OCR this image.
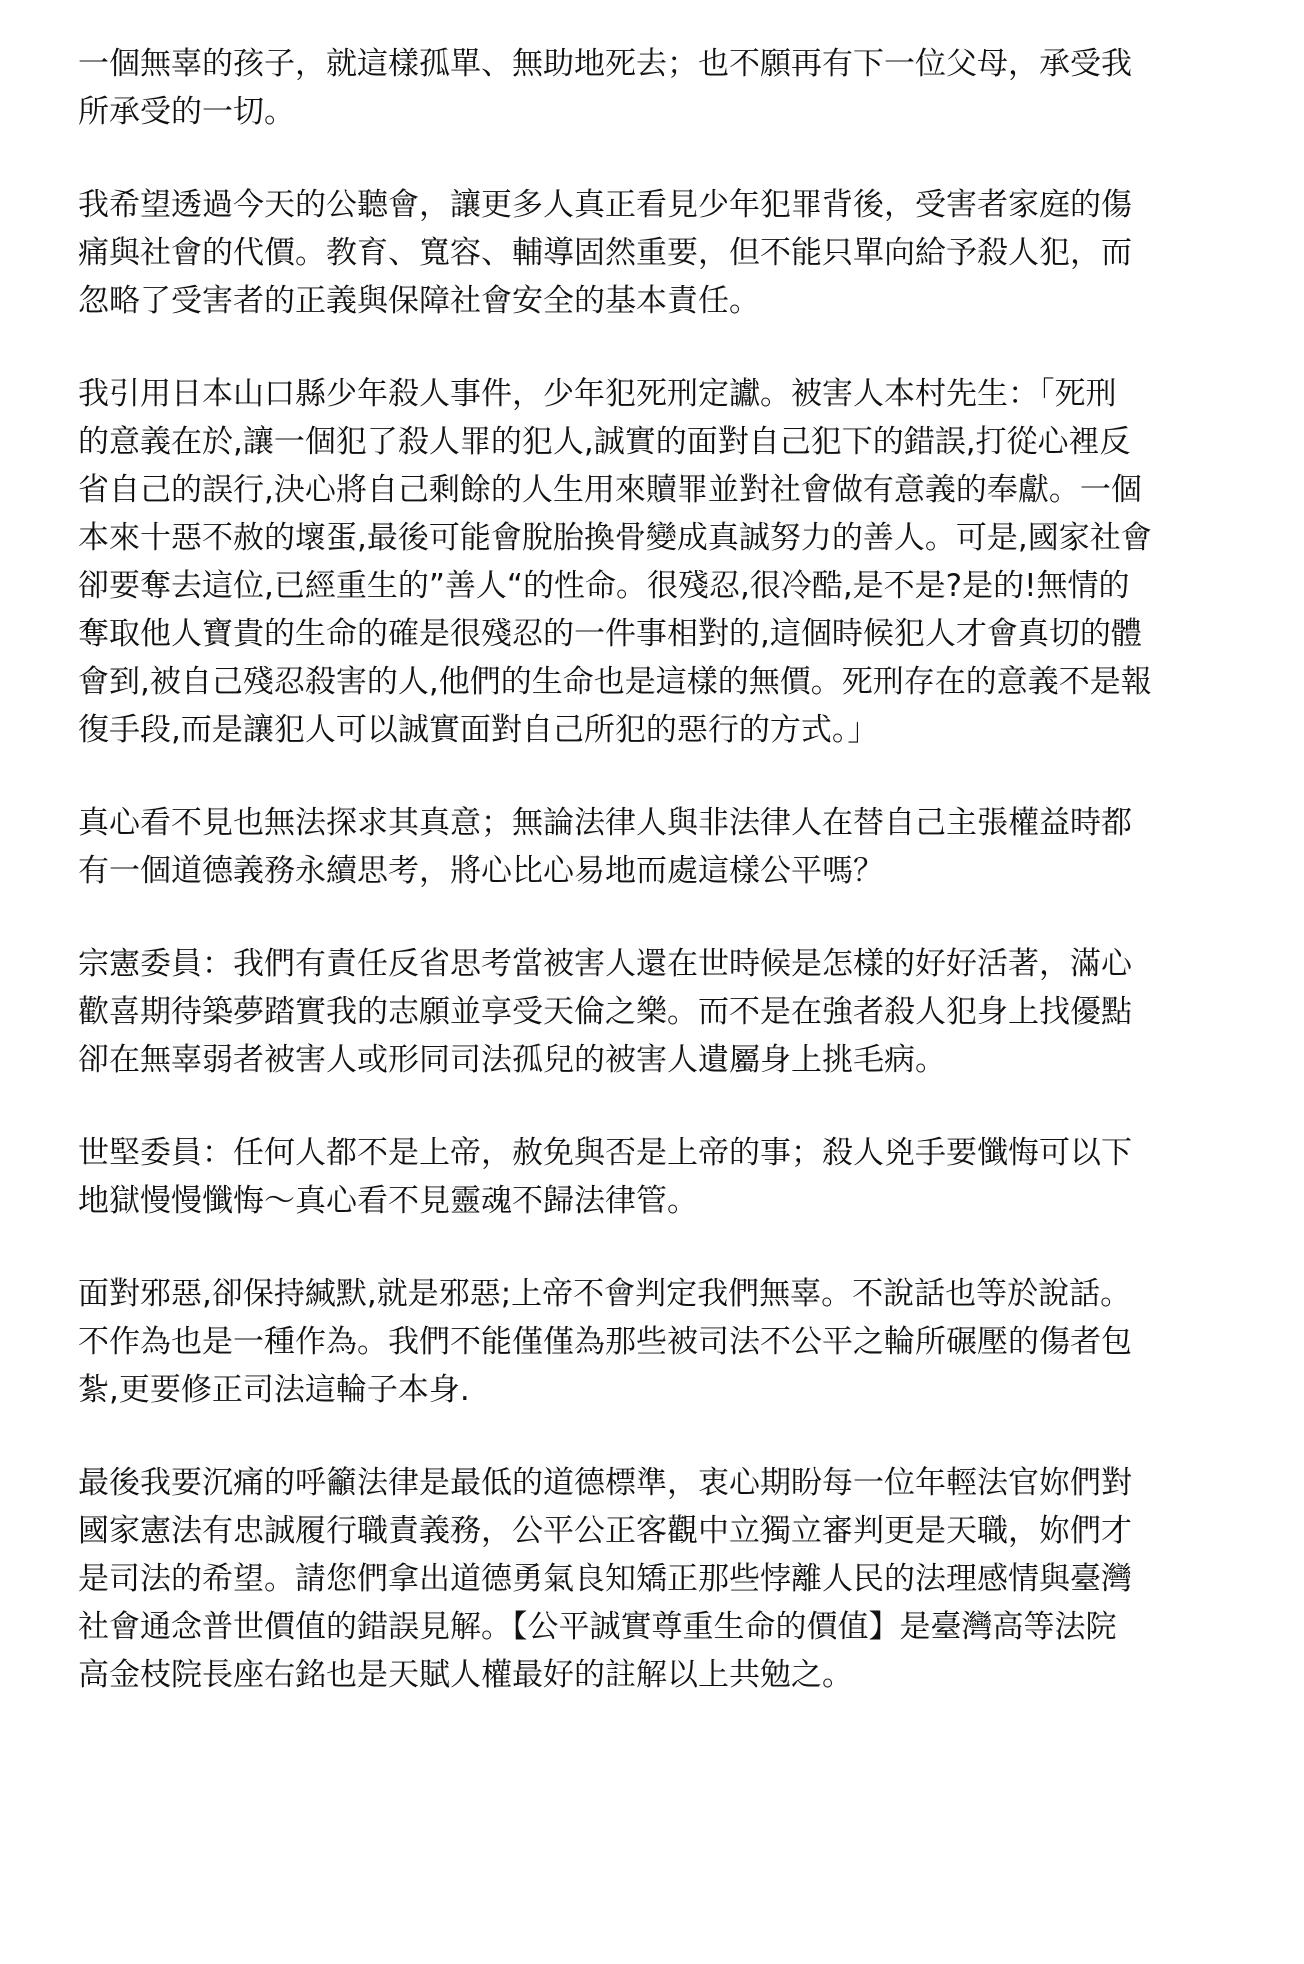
一個無辜的孩子，就這樣孤單、無助地死去；也不願再有下一位父母，承受我
所承受的一切。

我希望透過今天的公聽會，讓更多人真正看見少年犯罪背後，受害者家庭的傷
痛與社會的代價。教育、寬容、輔導固然重要，但不能只單向給予殺人犯，而
忽略了受害者的正義與保障社會安全的基本責任。

我引用日本山口縣少年殺人事件，少年犯死刑定讞。被害人本村先生：「死刑
的意義在於,讓一個犯了殺人罪的犯人,誠實的面對自己犯下的錯誤,打從心裡反
省自己的誤行,決心將自己剩餘的人生用來贖罪並對社會做有意義的奉獻。一個
本來十惡不赦的壞蛋,最後可能會脫胎換骨變成真誠努力的善人。可是,國家社會
卻要奪去這位,已經重生的”善人“的性命。很殘忍,很冷酷,是不是?是的!無情的
奪取他人寶貴的生命的確是很殘忍的一件事相對的,這個時候犯人才會真切的體
會到,被自己殘忍殺害的人,他們的生命也是這樣的無價。死刑存在的意義不是報
復手段,而是讓犯人可以誠實面對自己所犯的惡行的方式。」

真心看不見也無法探求其真意；無論法律人與非法律人在替自己主張權益時都
有一個道德義務永續思考，將心比心易地而處這樣公平嗎？

宗憲委員：我們有責任反省思考當被害人還在世時候是怎樣的好好活著，滿心
歡喜期待築夢踏實我的志願並享受天倫之樂。而不是在強者殺人犯身上找優點
卻在無辜弱者被害人或形同司法孤兒的被害人遺屬身上挑毛病。

世堅委員：任何人都不是上帝，赦免與否是上帝的事；殺人兇手要懺悔可以下
地獄慢慢懺悔～真心看不見靈魂不歸法律管。

面對邪惡,卻保持緘默,就是邪惡;上帝不會判定我們無辜。不說話也等於說話。
不作為也是一種作為。我們不能僅僅為那些被司法不公平之輪所碾壓的傷者包
紮,更要修正司法這輪子本身.

最後我要沉痛的呼籲法律是最低的道德標準，衷心期盼每一位年輕法官妳們對
國家憲法有忠誠履行職責義務，公平公正客觀中立獨立審判更是天職，妳們才
是司法的希望。請您們拿出道德勇氣良知矯正那些悖離人民的法理感情與臺灣
社會通念普世價值的錯誤見解。【公平誠實尊重生命的價值】是臺灣高等法院
高金枝院長座右銘也是天賦人權最好的註解以上共勉之。
